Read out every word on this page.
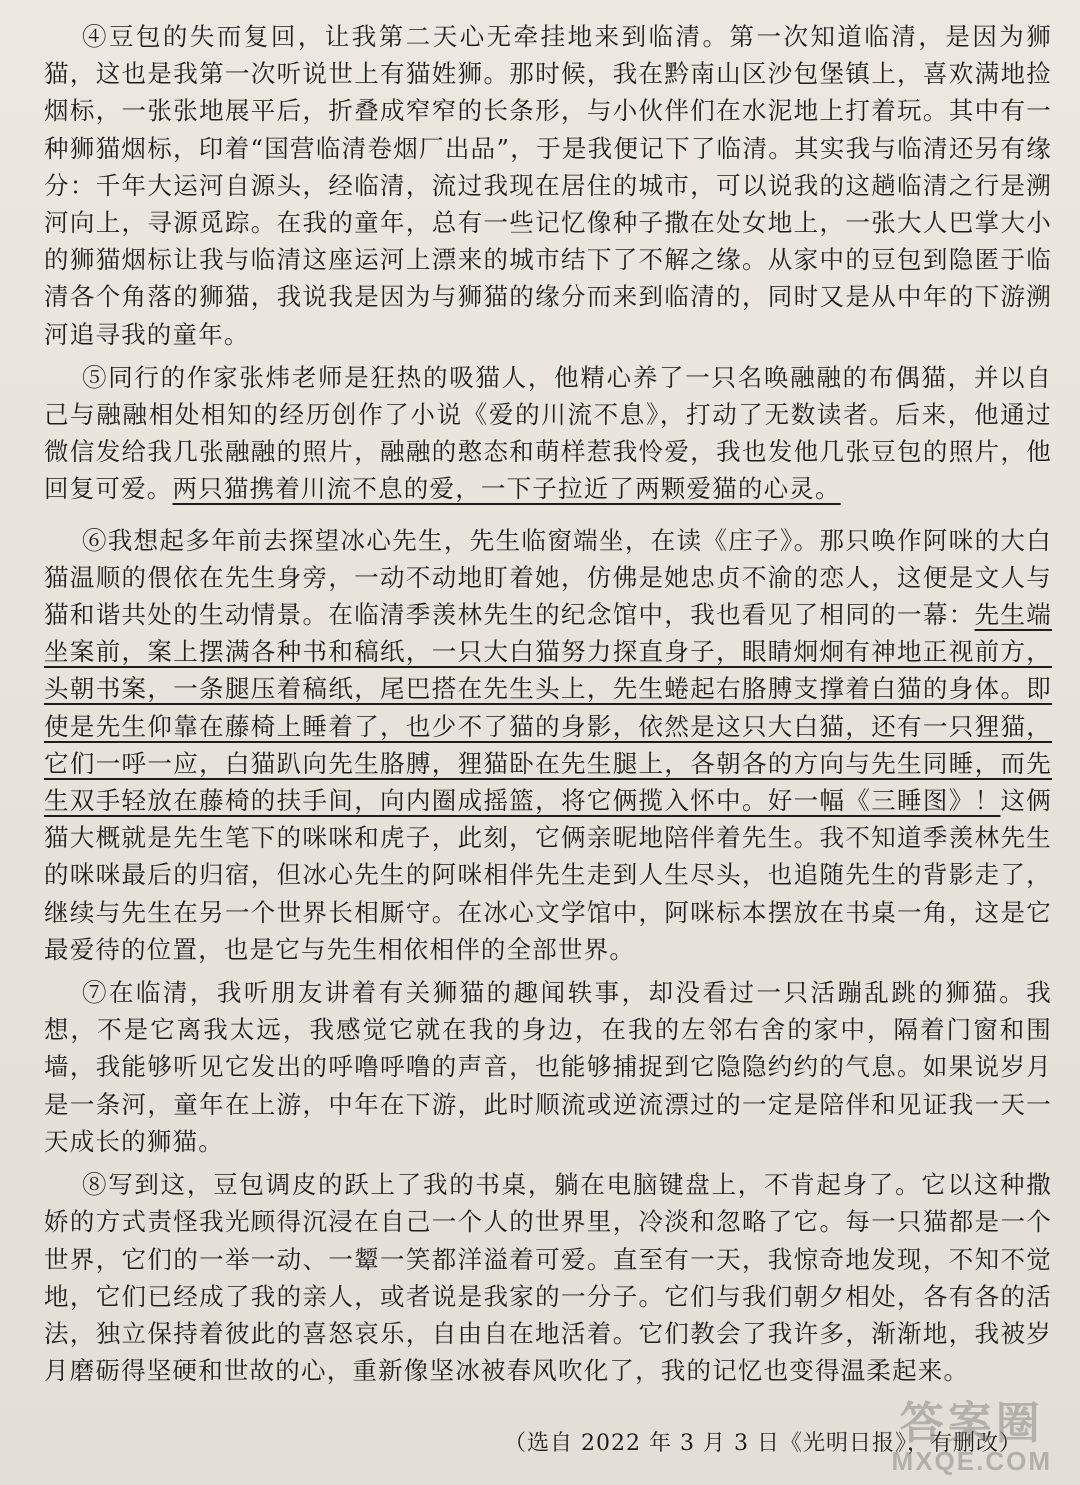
④豆包的失而复回，让我第二天心无牵挂地来到临清。第一次知道临清，是因为狮猫，这也是我第一次听说世上有猫姓狮。那时候，我在黔南山区沙包堡镇上，喜欢满地捡烟标，一张张地展平后，折叠成窄窄的长条形，与小伙伴们在水泥地上打着玩。其中有一种狮猫烟标，印着“国营临清卷烟厂出品”，于是我便记下了临清。其实我与临清还另有缘分：千年大运河自源头，经临清，流过我现在居住的城市，可以说我的这趟临清之行是溯河向上，寻源觅踪。在我的童年，总有一些记忆像种子撒在处女地上，一张大人巴掌大小的狮猫烟标让我与临清这座运河上漂来的城市结下了不解之缘。从家中的豆包到隐匿于临清各个角落的狮猫，我说我是因为与狮猫的缘分而来到临清的，同时又是从中年的下游溯河追寻我的童年。

⑤同行的作家张炜老师是狂热的吸猫人，他精心养了一只名唤融融的布偶猫，并以自己与融融相处相知的经历创作了小说《爱的川流不息》，打动了无数读者。后来，他通过微信发给我几张融融的照片，融融的憨态和萌样惹我怜爱，我也发他几张豆包的照片，他回复可爱。两只猫携着川流不息的爱，一下子拉近了两颗爱猫的心灵。

⑥我想起多年前去探望冰心先生，先生临窗端坐，在读《庄子》。那只唤作阿咪的大白猫温顺的偎依在先生身旁，一动不动地盯着她，仿佛是她忠贞不渝的恋人，这便是文人与猫和谐共处的生动情景。在临清季羡林先生的纪念馆中，我也看见了相同的一幕：先生端坐案前，案上摆满各种书和稿纸，一只大白猫努力探直身子，眼睛炯炯有神地正视前方，头朝书案，一条腿压着稿纸，尾巴搭在先生头上，先生蜷起右胳膊支撑着白猫的身体。即使是先生仰靠在藤椅上睡着了，也少不了猫的身影，依然是这只大白猫，还有一只狸猫，它们一呼一应，白猫趴向先生胳膊，狸猫卧在先生腿上，各朝各的方向与先生同睡，而先生双手轻放在藤椅的扶手间，向内圈成摇篮，将它俩揽入怀中。好一幅《三睡图》！这俩猫大概就是先生笔下的咪咪和虎子，此刻，它俩亲昵地陪伴着先生。我不知道季羡林先生的咪咪最后的归宿，但冰心先生的阿咪相伴先生走到人生尽头，也追随先生的背影走了，继续与先生在另一个世界长相厮守。在冰心文学馆中，阿咪标本摆放在书桌一角，这是它最爱待的位置，也是它与先生相依相伴的全部世界。

⑦在临清，我听朋友讲着有关狮猫的趣闻轶事，却没看过一只活蹦乱跳的狮猫。我想，不是它离我太远，我感觉它就在我的身边，在我的左邻右舍的家中，隔着门窗和围墙，我能够听见它发出的呼噜呼噜的声音，也能够捕捉到它隐隐约约的气息。如果说岁月是一条河，童年在上游，中年在下游，此时顺流或逆流漂过的一定是陪伴和见证我一天一天成长的狮猫。

⑧写到这，豆包调皮的跃上了我的书桌，躺在电脑键盘上，不肯起身了。它以这种撒娇的方式责怪我光顾得沉浸在自己一个人的世界里，冷淡和忽略了它。每一只猫都是一个世界，它们的一举一动、一颦一笑都洋溢着可爱。直至有一天，我惊奇地发现，不知不觉地，它们已经成了我的亲人，或者说是我家的一分子。它们与我们朝夕相处，各有各的活法，独立保持着彼此的喜怒哀乐，自由自在地活着。它们教会了我许多，渐渐地，我被岁月磨砺得坚硬和世故的心，重新像坚冰被春风吹化了，我的记忆也变得温柔起来。

（选自 2022 年 3 月 3 日《光明日报》，有删改）
答案圈
MXQE.COM
